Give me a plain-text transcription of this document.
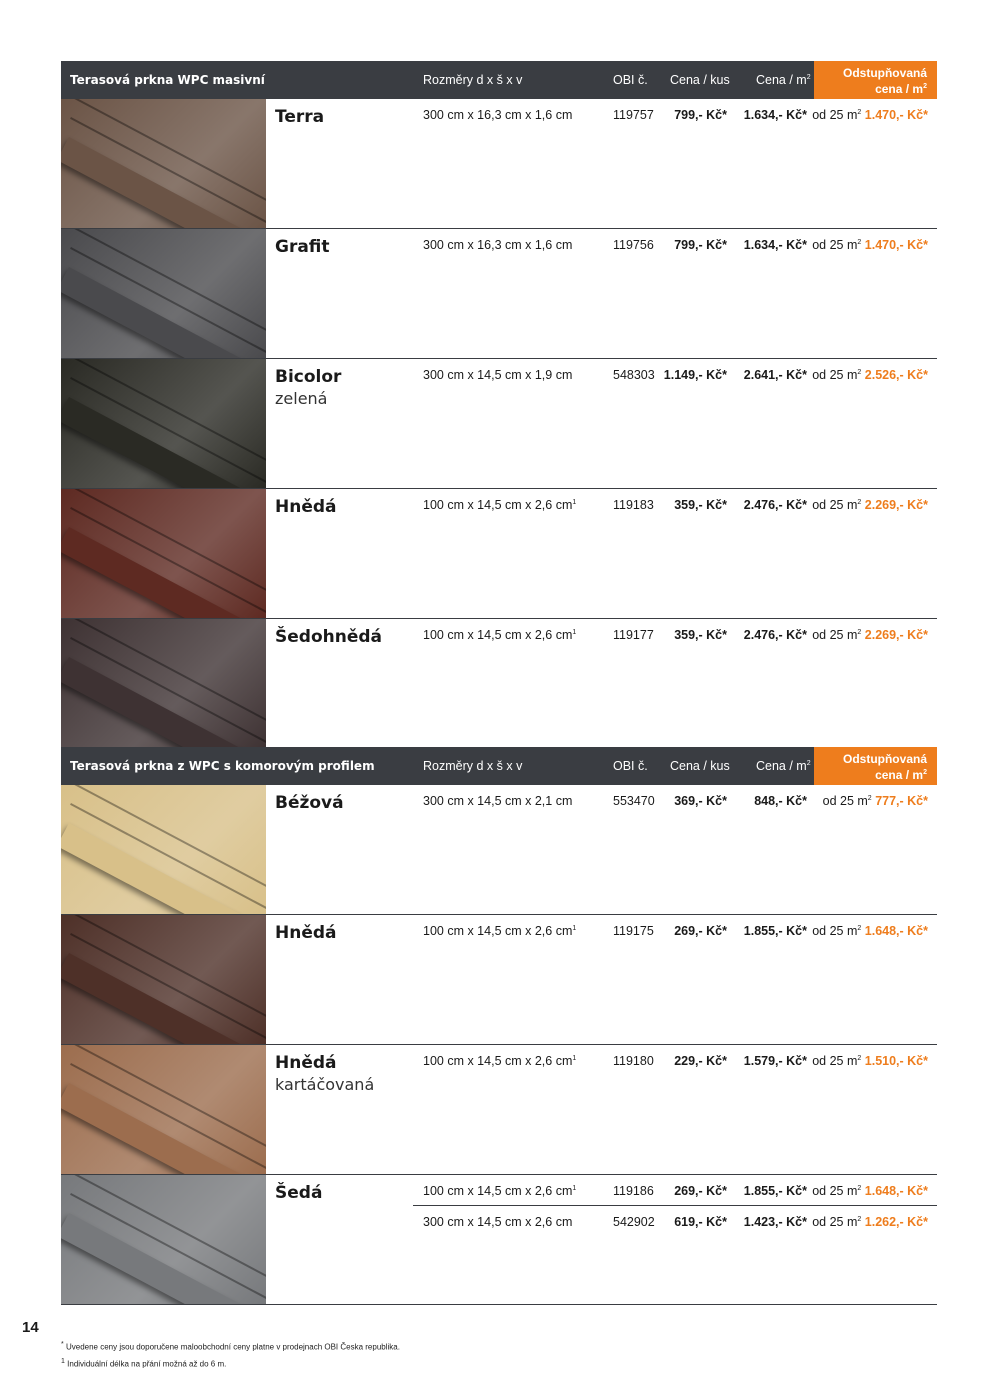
Terasová prkna WPC masivní	Rozměry d x š x v	OBI č. Cena / kus Cena / $m^2$	Odstupňovaná
cena / $m^2$
Terra	300 cm x 16,3 cm x 1,6 cm	119757	799,- Kč*	1.634,- Kč* od 25 $m^2$ 1.470,- Kč*
Grafit	300 cm x 16,3 cm x 1,6 cm	119756	799,- Kč*	1.634,- Kč* od 25 $m^2$ 1.470,- Kč*
Bicolor
zelená
300 cm x 14,5 cm x 1,9 cm	548303 1.149,- Kč*	2.641,- Kč* od 25 $m^2$ 2.526,- Kč*
Hnědá	100 cm x 14,5 cm x 2,6 $cm^1$	119183	359,- Kč*	2.476,- Kč* od 25 $m^2$ 2.269,- Kč*
Šedohnědá	100 cm x 14,5 cm x 2,6 $cm^1$	119177	359,- Kč*	2.476,- Kč* od 25 $m^2$ 2.269,- Kč*
Terasová prkna z WPC s komorovým profilem	Rozměry d x š x v	OBI č. Cena / kus Cena / $m^2$	Odstupňovaná
cena / $m^2$
Béžová	300 cm x 14,5 cm x 2,1 cm	553470	369,- Kč*	848,- Kč*	od 25 $m^2$ 777,- Kč*
Hnědá	100 cm x 14,5 cm x 2,6 $cm^1$	119175	269,- Kč*	1.855,- Kč* od 25 $m^2$ 1.648,- Kč*
Hnědá
kartáčovaná
100 cm x 14,5 cm x 2,6 $cm^1$	119180	229,- Kč*	1.579,- Kč* od 25 $m^2$ 1.510,- Kč*
Šedá	100 cm x 14,5 cm x 2,6 $cm^1$	119186	269,- Kč*	1.855,- Kč* od 25 $m^2$ 1.648,- Kč*
300 cm x 14,5 cm x 2,6 cm	542902	619,- Kč*	1.423,- Kč* od 25 $m^2$ 1.262,- Kč*
14
* Uvedene ceny jsou doporučene maloobchodní ceny platne v prodejnach OBI Česka republika.
$^1$ Individuální délka na přání možná až do 6 m.
